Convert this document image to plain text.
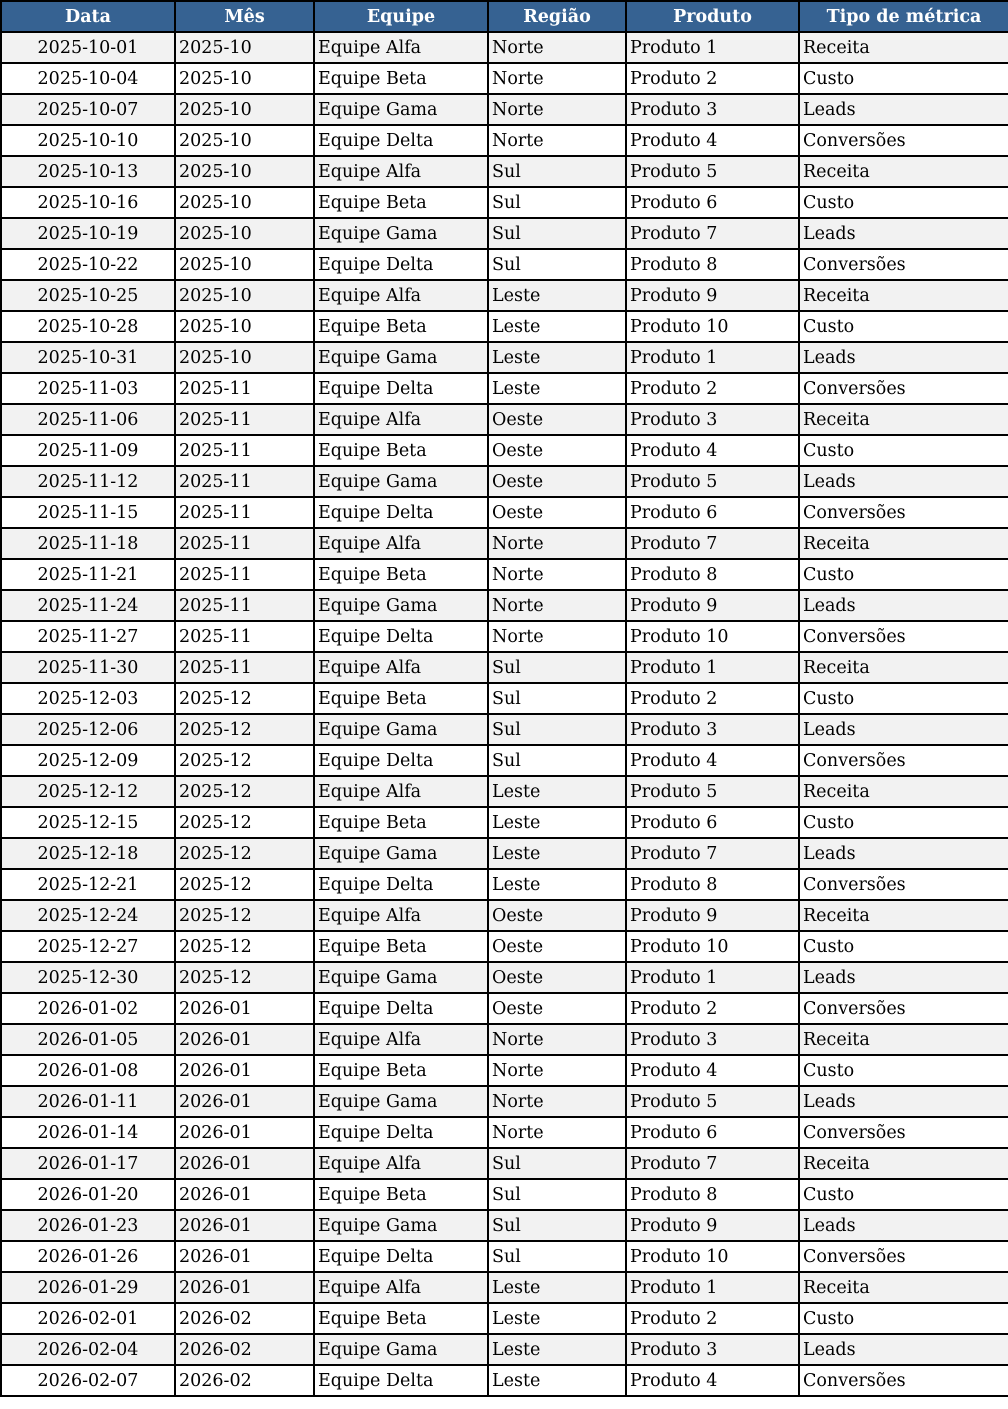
Data	Mês	Equipe	Região	Produto	Tipo de métrica
2025-10-01	2025-10	Equipe Alfa	Norte	Produto 1	Receita
2025-10-04	2025-10	Equipe Beta	Norte	Produto 2	Custo
2025-10-07	2025-10	Equipe Gama	Norte	Produto 3	Leads
2025-10-10	2025-10	Equipe Delta	Norte	Produto 4	Conversões
2025-10-13	2025-10	Equipe Alfa	Sul	Produto 5	Receita
2025-10-16	2025-10	Equipe Beta	Sul	Produto 6	Custo
2025-10-19	2025-10	Equipe Gama	Sul	Produto 7	Leads
2025-10-22	2025-10	Equipe Delta	Sul	Produto 8	Conversões
2025-10-25	2025-10	Equipe Alfa	Leste	Produto 9	Receita
2025-10-28	2025-10	Equipe Beta	Leste	Produto 10	Custo
2025-10-31	2025-10	Equipe Gama	Leste	Produto 1	Leads
2025-11-03	2025-11	Equipe Delta	Leste	Produto 2	Conversões
2025-11-06	2025-11	Equipe Alfa	Oeste	Produto 3	Receita
2025-11-09	2025-11	Equipe Beta	Oeste	Produto 4	Custo
2025-11-12	2025-11	Equipe Gama	Oeste	Produto 5	Leads
2025-11-15	2025-11	Equipe Delta	Oeste	Produto 6	Conversões
2025-11-18	2025-11	Equipe Alfa	Norte	Produto 7	Receita
2025-11-21	2025-11	Equipe Beta	Norte	Produto 8	Custo
2025-11-24	2025-11	Equipe Gama	Norte	Produto 9	Leads
2025-11-27	2025-11	Equipe Delta	Norte	Produto 10	Conversões
2025-11-30	2025-11	Equipe Alfa	Sul	Produto 1	Receita
2025-12-03	2025-12	Equipe Beta	Sul	Produto 2	Custo
2025-12-06	2025-12	Equipe Gama	Sul	Produto 3	Leads
2025-12-09	2025-12	Equipe Delta	Sul	Produto 4	Conversões
2025-12-12	2025-12	Equipe Alfa	Leste	Produto 5	Receita
2025-12-15	2025-12	Equipe Beta	Leste	Produto 6	Custo
2025-12-18	2025-12	Equipe Gama	Leste	Produto 7	Leads
2025-12-21	2025-12	Equipe Delta	Leste	Produto 8	Conversões
2025-12-24	2025-12	Equipe Alfa	Oeste	Produto 9	Receita
2025-12-27	2025-12	Equipe Beta	Oeste	Produto 10	Custo
2025-12-30	2025-12	Equipe Gama	Oeste	Produto 1	Leads
2026-01-02	2026-01	Equipe Delta	Oeste	Produto 2	Conversões
2026-01-05	2026-01	Equipe Alfa	Norte	Produto 3	Receita
2026-01-08	2026-01	Equipe Beta	Norte	Produto 4	Custo
2026-01-11	2026-01	Equipe Gama	Norte	Produto 5	Leads
2026-01-14	2026-01	Equipe Delta	Norte	Produto 6	Conversões
2026-01-17	2026-01	Equipe Alfa	Sul	Produto 7	Receita
2026-01-20	2026-01	Equipe Beta	Sul	Produto 8	Custo
2026-01-23	2026-01	Equipe Gama	Sul	Produto 9	Leads
2026-01-26	2026-01	Equipe Delta	Sul	Produto 10	Conversões
2026-01-29	2026-01	Equipe Alfa	Leste	Produto 1	Receita
2026-02-01	2026-02	Equipe Beta	Leste	Produto 2	Custo
2026-02-04	2026-02	Equipe Gama	Leste	Produto 3	Leads
2026-02-07	2026-02	Equipe Delta	Leste	Produto 4	Conversões
